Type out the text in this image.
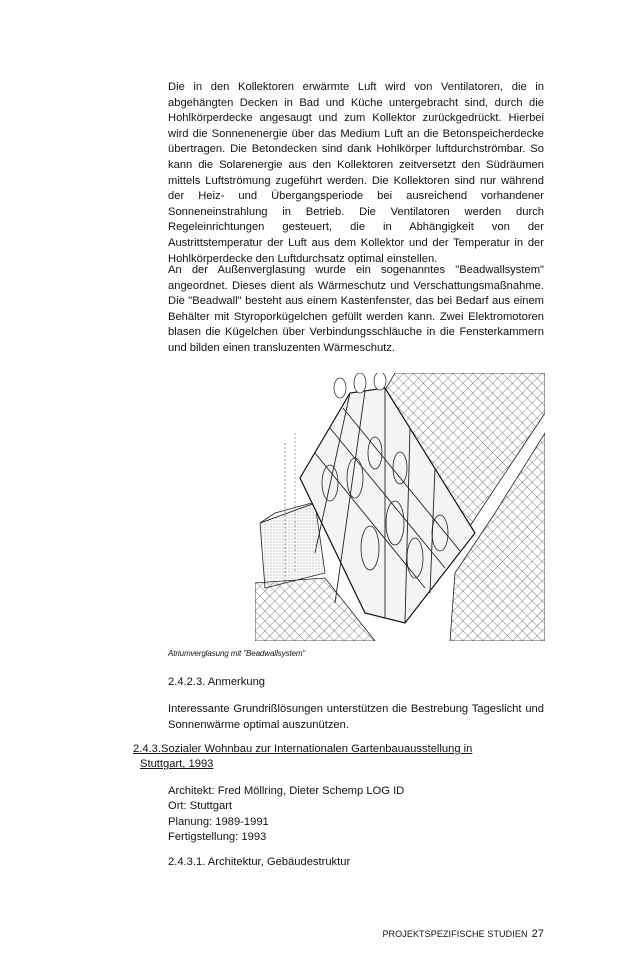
Die in den Kollektoren erwärmte Luft wird von Ventilatoren, die in abgehängten Decken in Bad und Küche untergebracht sind, durch die Hohlkörperdecke angesaugt und zum Kollektor zurückgedrückt. Hierbei wird die Sonnenenergie über das Medium Luft an die Betonspeicherdecke übertragen. Die Betondecken sind dank Hohlkörper luftdurchströmbar. So kann die Solarenergie aus den Kollektoren zeitversetzt den Südräumen mittels Luftströmung zugeführt werden. Die Kollektoren sind nur während der Heiz- und Übergangsperiode bei ausreichend vorhandener Sonneneinstrahlung in Betrieb. Die Ventilatoren werden durch Regeleinrichtungen gesteuert, die in Abhängigkeit von der Austrittstemperatur der Luft aus dem Kollektor und der Temperatur in der Hohlkörperdecke den Luftdurchsatz optimal einstellen.

An der Außenverglasung wurde ein sogenanntes "Beadwallsystem" angeordnet. Dieses dient als Wärmeschutz und Verschattungsmaßnahme. Die "Beadwall" besteht aus einem Kastenfenster, das bei Bedarf aus einem Behälter mit Styroporkügelchen gefüllt werden kann. Zwei Elektromotoren blasen die Kügelchen über Verbindungsschläuche in die Fensterkammern und bilden einen transluzenten Wärmeschutz.

Atriumverglasung mit "Beadwallsystem"

2.4.2.3. Anmerkung

Interessante Grundrißlösungen unterstützen die Bestrebung Tageslicht und Sonnenwärme optimal auszunützen.

2.4.3.Sozialer Wohnbau zur Internationalen Gartenbauausstellung in
Stuttgart, 1993

Architekt: Fred Möllring, Dieter Schemp LOG ID
Ort: Stuttgart
Planung: 1989-1991
Fertigstellung: 1993

2.4.3.1. Architektur, Gebäudestruktur

PROJEKTSPEZIFISCHE STUDIEN 27
